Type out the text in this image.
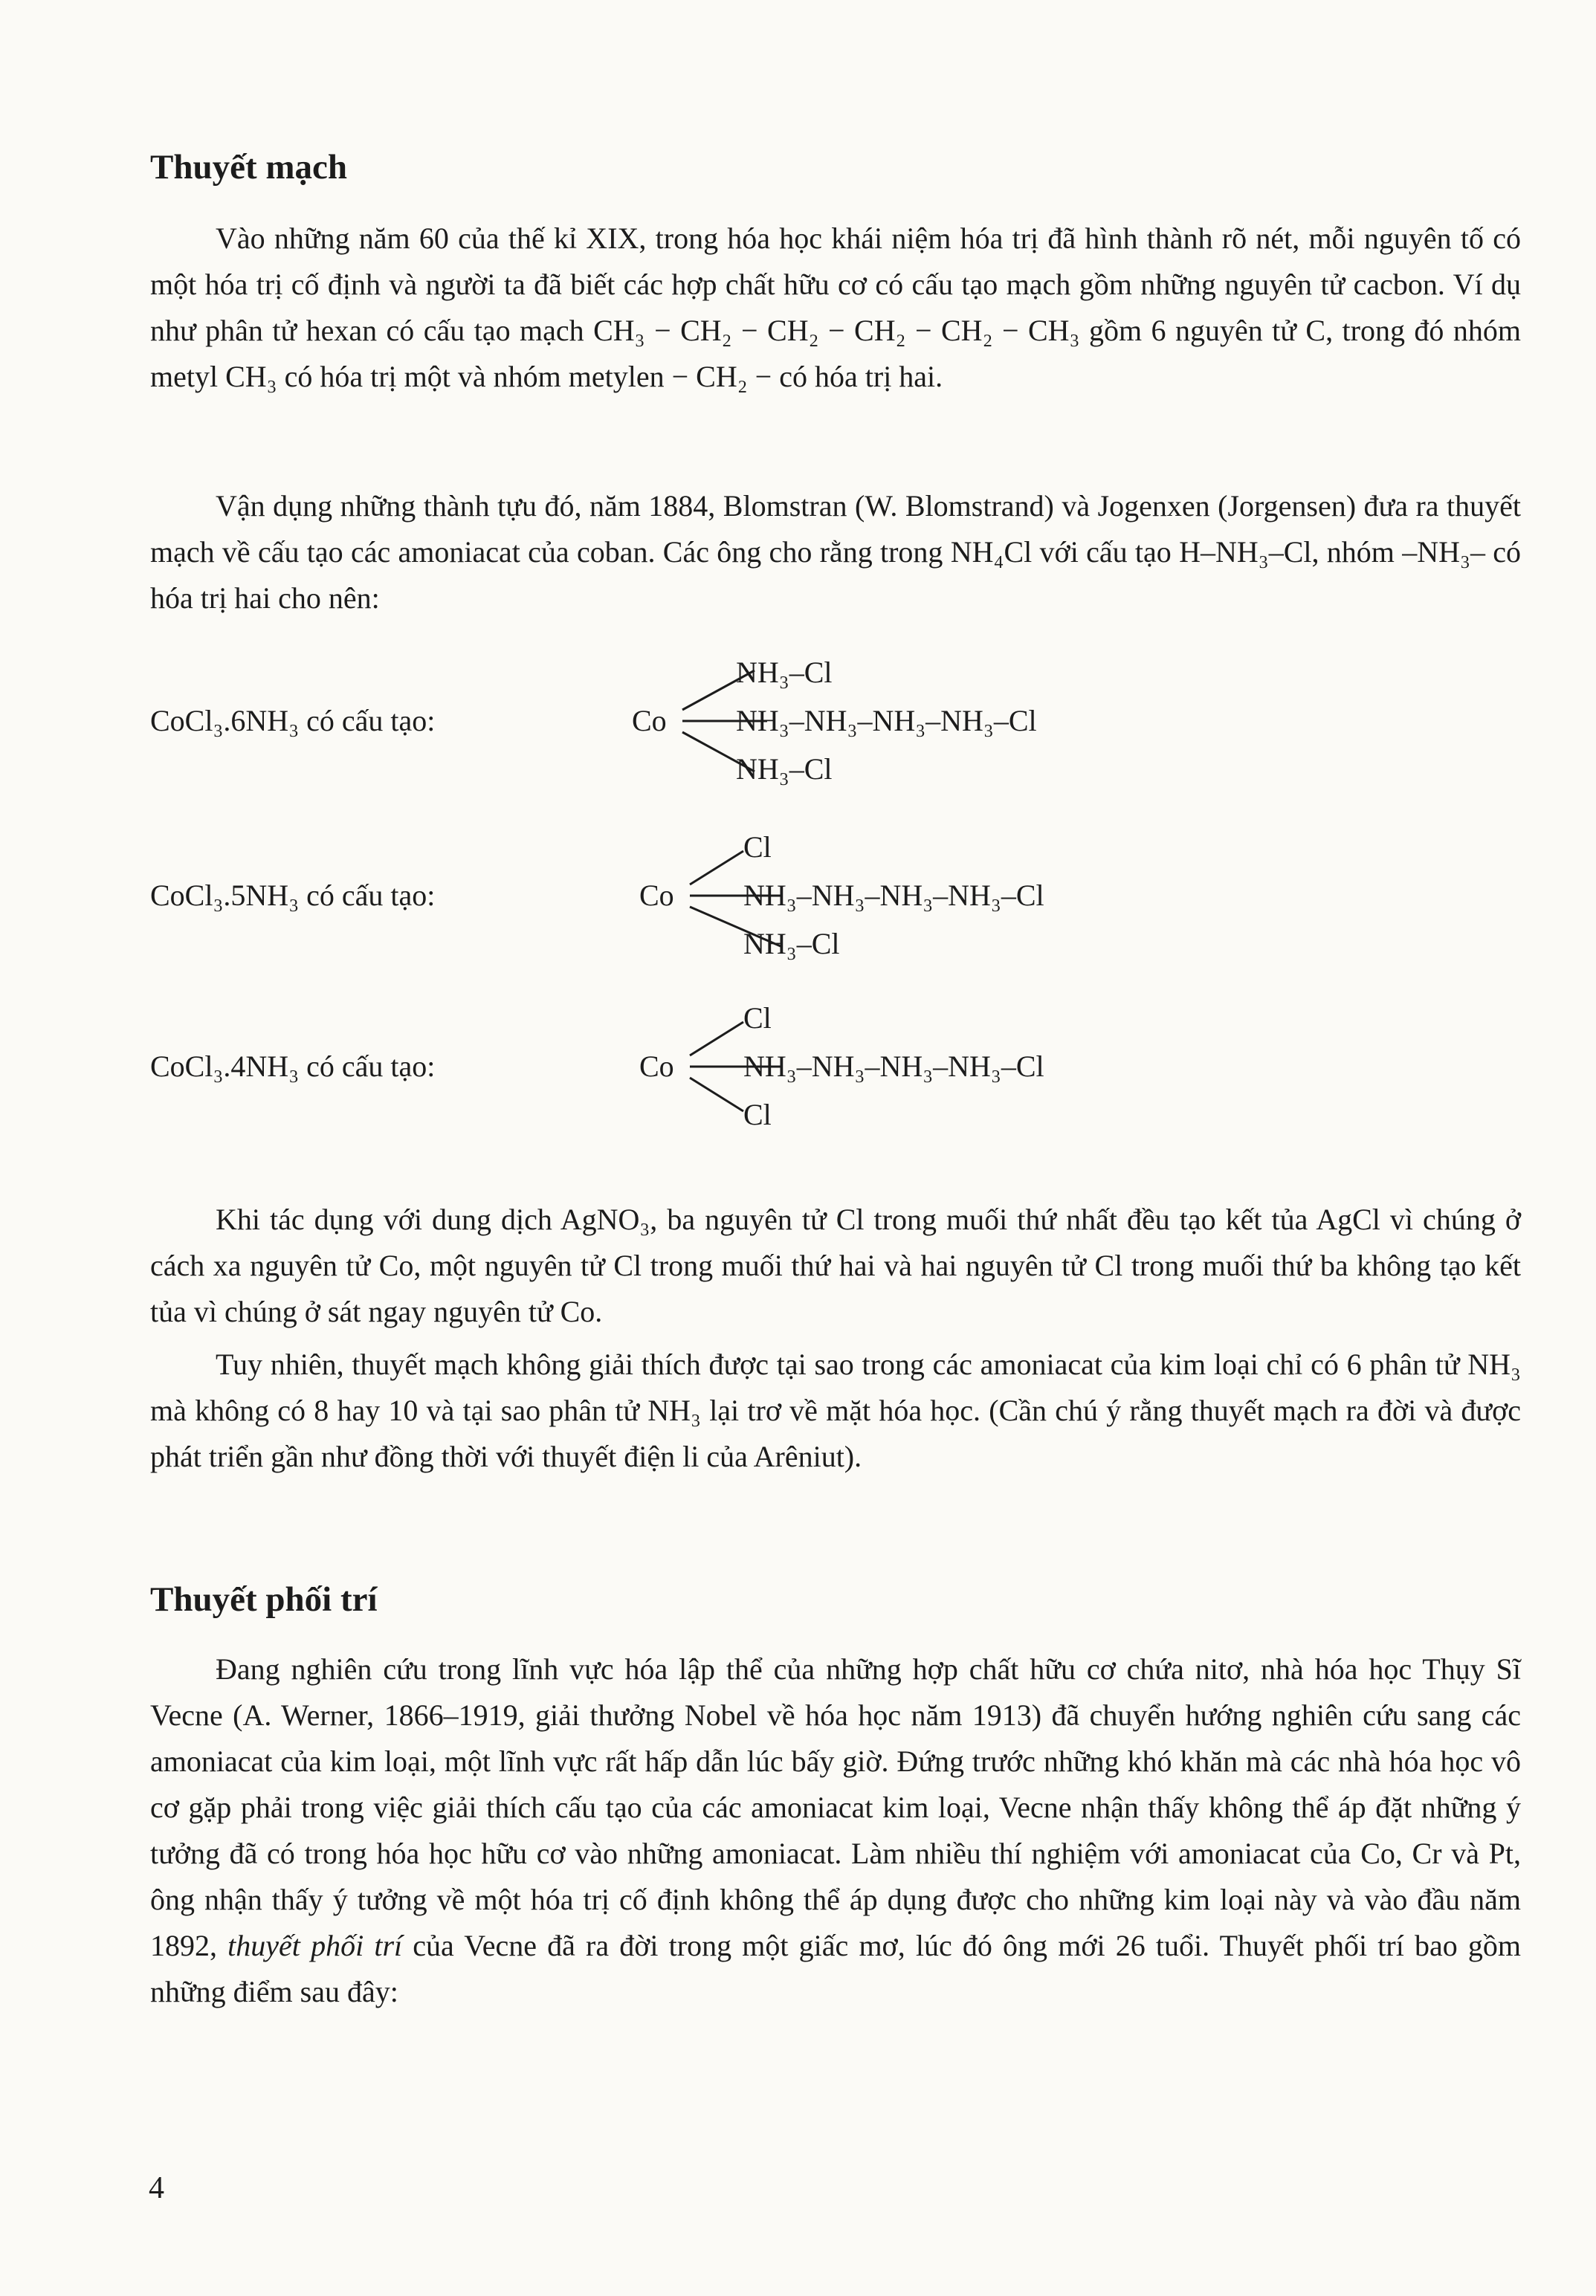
Thuyết mạch

Vào những năm 60 của thế kỉ XIX, trong hóa học khái niệm hóa trị đã hình thành rõ nét, mỗi nguyên tố có một hóa trị cố định và người ta đã biết các hợp chất hữu cơ có cấu tạo mạch gồm những nguyên tử cacbon. Ví dụ như phân tử hexan có cấu tạo mạch CH₃ − CH₂ − CH₂ − CH₂ − CH₂ − CH₃ gồm 6 nguyên tử C, trong đó nhóm metyl CH₃ có hóa trị một và nhóm metylen − CH₂ − có hóa trị hai.

Vận dụng những thành tựu đó, năm 1884, Blomstran (W. Blomstrand) và Jogenxen (Jorgensen) đưa ra thuyết mạch về cấu tạo các amoniacat của coban. Các ông cho rằng trong NH₄Cl với cấu tạo H–NH₃–Cl, nhóm –NH₃– có hóa trị hai cho nên:

CoCl₃.6NH₃ có cấu tạo:	Co
NH₃–Cl
NH₃–NH₃–NH₃–NH₃–Cl
NH₃–Cl
CoCl₃.5NH₃ có cấu tạo:	Co
Cl
NH₃–NH₃–NH₃–NH₃–Cl
NH₃–Cl
CoCl₃.4NH₃ có cấu tạo:	Co
Cl
NH₃–NH₃–NH₃–NH₃–Cl
Cl

Khi tác dụng với dung dịch AgNO₃, ba nguyên tử Cl trong muối thứ nhất đều tạo kết tủa AgCl vì chúng ở cách xa nguyên tử Co, một nguyên tử Cl trong muối thứ hai và hai nguyên tử Cl trong muối thứ ba không tạo kết tủa vì chúng ở sát ngay nguyên tử Co.

Tuy nhiên, thuyết mạch không giải thích được tại sao trong các amoniacat của kim loại chỉ có 6 phân tử NH₃ mà không có 8 hay 10 và tại sao phân tử NH₃ lại trơ về mặt hóa học. (Cần chú ý rằng thuyết mạch ra đời và được phát triển gần như đồng thời với thuyết điện li của Arêniut).

Thuyết phối trí

Đang nghiên cứu trong lĩnh vực hóa lập thể của những hợp chất hữu cơ chứa nitơ, nhà hóa học Thụy Sĩ Vecne (A. Werner, 1866–1919, giải thưởng Nobel về hóa học năm 1913) đã chuyển hướng nghiên cứu sang các amoniacat của kim loại, một lĩnh vực rất hấp dẫn lúc bấy giờ. Đứng trước những khó khăn mà các nhà hóa học vô cơ gặp phải trong việc giải thích cấu tạo của các amoniacat kim loại, Vecne nhận thấy không thể áp đặt những ý tưởng đã có trong hóa học hữu cơ vào những amoniacat. Làm nhiều thí nghiệm với amoniacat của Co, Cr và Pt, ông nhận thấy ý tưởng về một hóa trị cố định không thể áp dụng được cho những kim loại này và vào đầu năm 1892, thuyết phối trí của Vecne đã ra đời trong một giấc mơ, lúc đó ông mới 26 tuổi. Thuyết phối trí bao gồm những điểm sau đây:

4
